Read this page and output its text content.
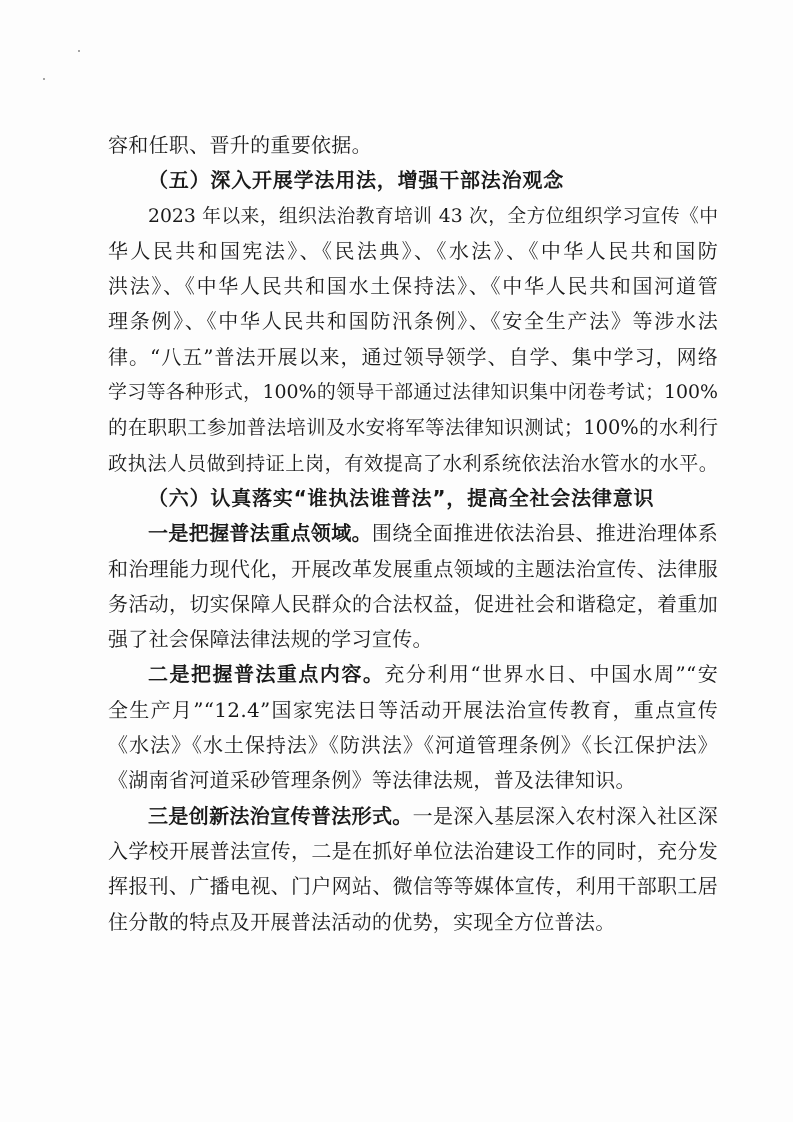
容和任职、晋升的重要依据。
（五）深入开展学法用法，增强干部法治观念
2023 年以来，组织法治教育培训 43 次，全方位组织学习宣传《中
华人民共和国宪法》、《民法典》、《水法》、《中华人民共和国防
洪法》、《中华人民共和国水土保持法》、《中华人民共和国河道管
理条例》、《中华人民共和国防汛条例》、《安全生产法》等涉水法
律。“八五”普法开展以来，通过领导领学、自学、集中学习，网络
学习等各种形式，100%的领导干部通过法律知识集中闭卷考试；100%
的在职职工参加普法培训及水安将军等法律知识测试；100%的水利行
政执法人员做到持证上岗，有效提高了水利系统依法治水管水的水平。
（六）认真落实“谁执法谁普法”，提高全社会法律意识
一是把握普法重点领域。围绕全面推进依法治县、推进治理体系
和治理能力现代化，开展改革发展重点领域的主题法治宣传、法律服
务活动，切实保障人民群众的合法权益，促进社会和谐稳定，着重加
强了社会保障法律法规的学习宣传。
二是把握普法重点内容。充分利用“世界水日、中国水周”“安
全生产月”“12.4”国家宪法日等活动开展法治宣传教育，重点宣传
《水法》《水土保持法》《防洪法》《河道管理条例》《长江保护法》
《湖南省河道采砂管理条例》等法律法规，普及法律知识。
三是创新法治宣传普法形式。一是深入基层深入农村深入社区深
入学校开展普法宣传，二是在抓好单位法治建设工作的同时，充分发
挥报刊、广播电视、门户网站、微信等等媒体宣传，利用干部职工居
住分散的特点及开展普法活动的优势，实现全方位普法。
